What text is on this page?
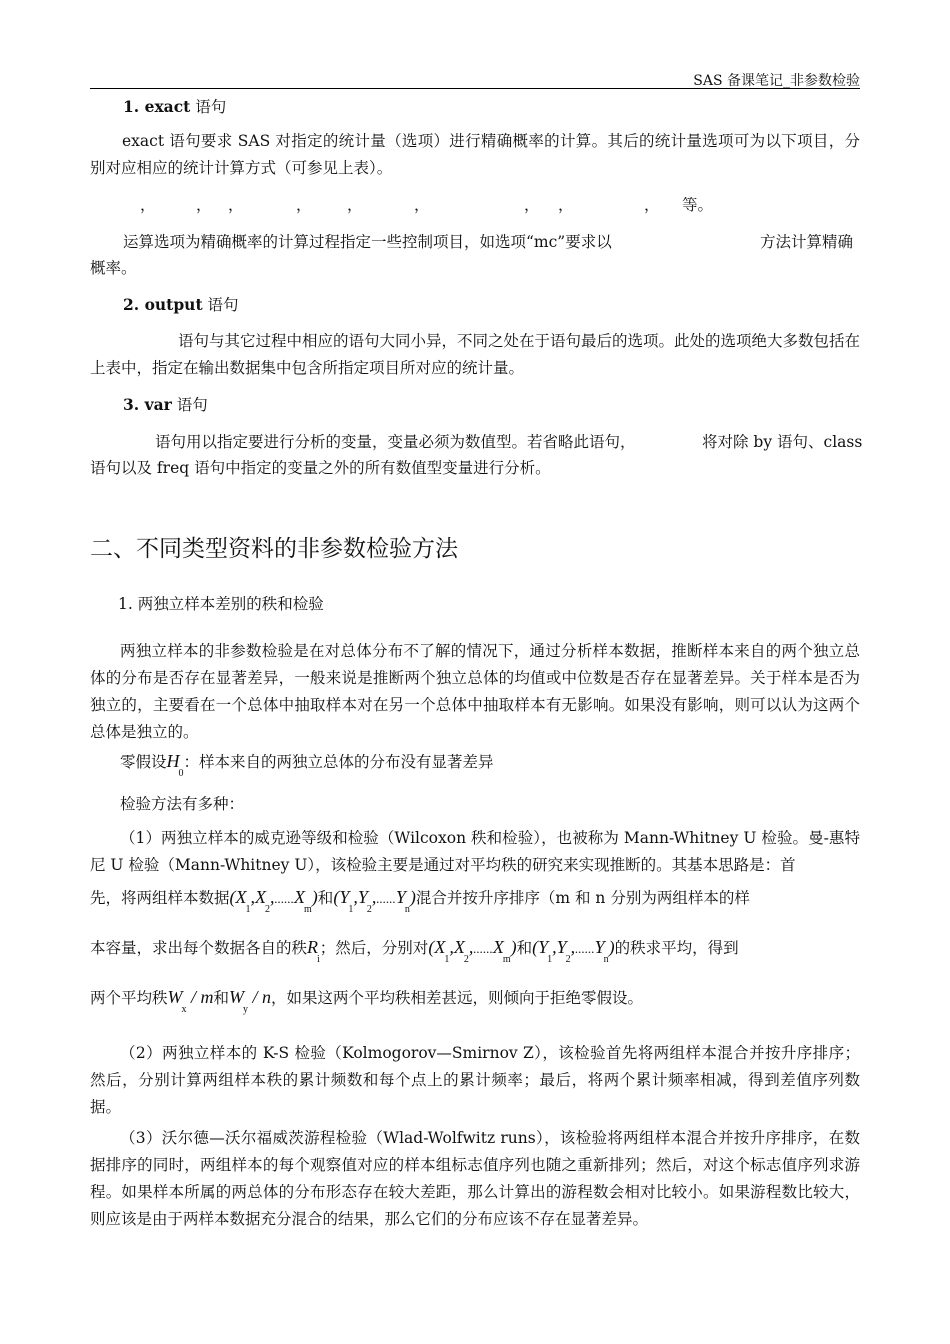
SAS 备课笔记_非参数检验
1. exact 语句
exact 语句要求 SAS 对指定的统计量（选项）进行精确概率的计算。其后的统计量选项可为以下项目，分别对应相应的统计计算方式（可参见上表）。
，	， ，	， ，	，	， ，	， 等。
运算选项为精确概率的计算过程指定一些控制项目，如选项“mc”要求以	方法计算精确
概率。
2. output 语句
语句与其它过程中相应的语句大同小异，不同之处在于语句最后的选项。此处的选项绝大多数包括在上表中，指定在输出数据集中包含所指定项目所对应的统计量。
3. var 语句
语句用以指定要进行分析的变量，变量必须为数值型。若省略此语句，	将对除 by 语句、class
语句以及 freq 语句中指定的变量之外的所有数值型变量进行分析。
二、不同类型资料的非参数检验方法
1. 两独立样本差别的秩和检验
两独立样本的非参数检验是在对总体分布不了解的情况下，通过分析样本数据，推断样本来自的两个独立总体的分布是否存在显著差异，一般来说是推断两个独立总体的均值或中位数是否存在显著差异。关于样本是否为独立的，主要看在一个总体中抽取样本对在另一个总体中抽取样本有无影响。如果没有影响，则可以认为这两个总体是独立的。
零假设$H_0$：样本来自的两独立总体的分布没有显著差异
检验方法有多种：
（1）两独立样本的威克逊等级和检验（Wilcoxon 秩和检验），也被称为 Mann-Whitney U 检验。曼-惠特尼 U 检验（Mann-Whitney U），该检验主要是通过对平均秩的研究来实现推断的。其基本思路是：首
先，将两组样本数据$(X_1,X_2,......X_m)$和$(Y_1,Y_2,......Y_n)$混合并按升序排序（m 和 n 分别为两组样本的样
本容量，求出每个数据各自的秩$R_i$；然后，分别对$(X_1,X_2,......X_m)$和$(Y_1,Y_2,......Y_n)$的秩求平均，得到
两个平均秩$W_x$ / m和$W_y$ / n，如果这两个平均秩相差甚远，则倾向于拒绝零假设。
（2）两独立样本的 K-S 检验（Kolmogorov—Smirnov Z），该检验首先将两组样本混合并按升序排序；然后，分别计算两组样本秩的累计频数和每个点上的累计频率；最后，将两个累计频率相减，得到差值序列数据。
（3）沃尔德—沃尔福威茨游程检验（Wlad-Wolfwitz runs），该检验将两组样本混合并按升序排序，在数据排序的同时，两组样本的每个观察值对应的样本组标志值序列也随之重新排列；然后，对这个标志值序列求游程。如果样本所属的两总体的分布形态存在较大差距，那么计算出的游程数会相对比较小。如果游程数比较大，则应该是由于两样本数据充分混合的结果，那么它们的分布应该不存在显著差异。
